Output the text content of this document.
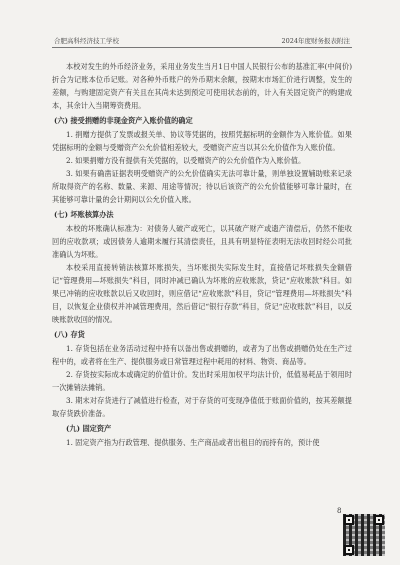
合肥高科经济技工学校	2024年度财务报表附注
本校对发生的外币经济业务，采用业务发生当月1日中国人民银行公布的基准汇率(中间价)折合为记账本位币记账。对各种外币账户的外币期末余额，按期末市场汇价进行调整，发生的差额，与购建固定资产有关且在其尚未达到预定可使用状态前的，计入有关固定资产的购建成本，其余计入当期筹资费用。
(六) 接受捐赠的非现金资产入账价值的确定
1. 捐赠方提供了发票或报关单、协议等凭据的，按照凭据标明的金额作为入账价值。如果凭据标明的金额与受赠资产公允价值相差较大，受赠资产应当以其公允价值作为入账价值。
2. 如果捐赠方没有提供有关凭据的，以受赠资产的公允价值作为入账价值。
3. 如果有确凿证据表明受赠资产的公允价值确实无法可靠计量，则单独设置辅助账来记录所取得资产的名称、数量、来源、用途等情况；待以后该资产的公允价值能够可靠计量时，在其能够可靠计量的会计期间以公允价值入账。
(七) 坏账核算办法
本校的坏账确认标准为：对债务人破产或死亡，以其破产财产或遗产清偿后，仍然不能收回的应收款项；或因债务人逾期未履行其清偿责任，且具有明显特征表明无法收回时经公司批准确认为坏账。
本校采用直接转销法核算坏账损失，当坏账损失实际发生时，直接借记坏账损失金额借记“管理费用—坏账损失”科目，同时冲减已确认为坏账的应收账款，贷记“应收账款”科目。如果已冲销的应收账款以后又收回时，则应借记“应收账款”科目，贷记“管理费用—坏账损失”科目，以恢复企业债权并冲减管理费用，然后借记“银行存款”科目，贷记“应收账款”科目，以反映账款收回的情况。
(八) 存货
1. 存货包括在业务活动过程中持有以备出售或捐赠的，或者为了出售或捐赠仍处在生产过程中的，或者将在生产、提供服务或日常管理过程中耗用的材料、物资、商品等。
2. 存货按实际成本或确定的价值计价。发出时采用加权平均法计价，低值易耗品于领用时一次摊销法摊销。
3. 期末对存货进行了减值进行检查，对于存货的可变现净值低于账面价值的，按其差额提取存货跌价准备。
(九) 固定资产
1. 固定资产指为行政管理、提供服务、生产商品或者出租目的而持有的，预计使
8
